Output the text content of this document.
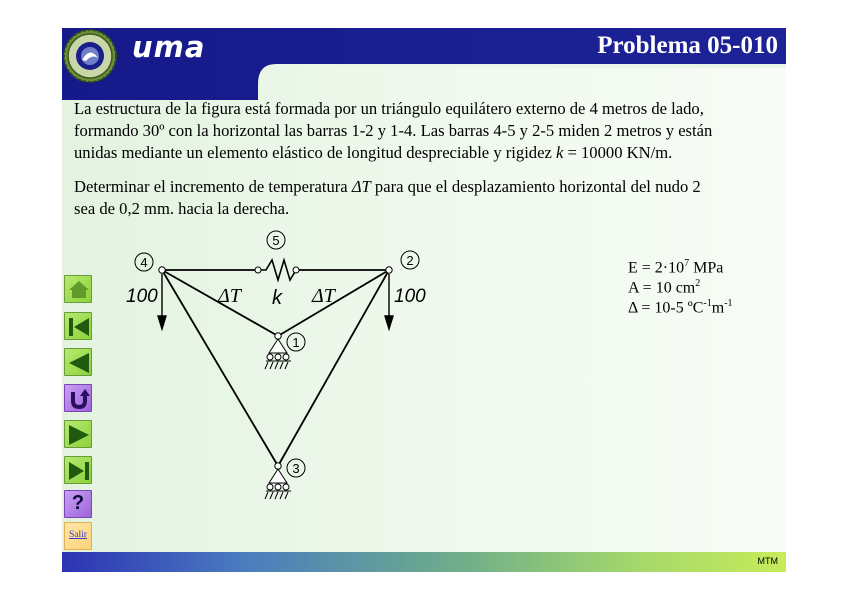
uma	Problema 05-010
La estructura de la figura está formada por un triángulo equilátero externo de 4 metros de lado,
formando 30º con la horizontal las barras 1-2 y 1-4. Las barras 4-5 y 2-5 miden 2 metros y están
unidas mediante un elemento elástico de longitud despreciable y rigidez k = 10000 KN/m.
Determinar el incremento de temperatura ΔT para que el desplazamiento horizontal del nudo 2
sea de 0,2 mm. hacia la derecha.
4	2
5
1
3
100	100
ΔT	ΔT
k
$E = 2\cdot 10^7$ MPa
A = 10 $cm^2$
Δ = 10-5 $ºC^{-1}m^{-1}$
?
Salir
MTM
